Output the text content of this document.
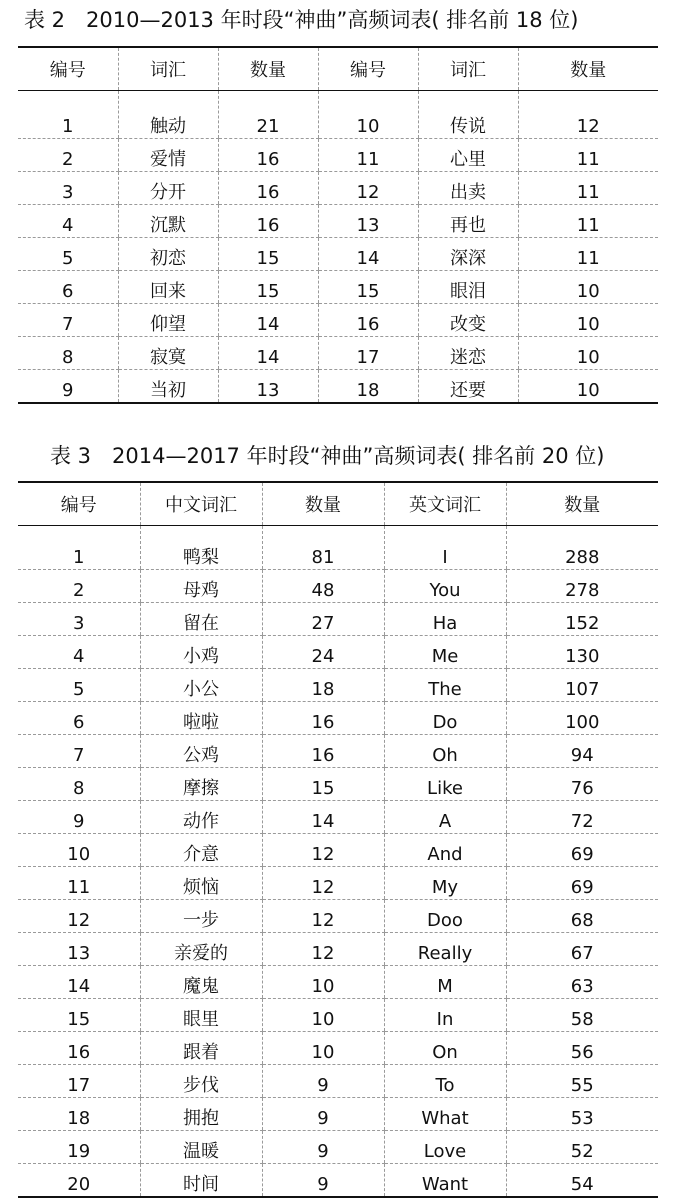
表 2　2010—2013 年时段“神曲”高频词表( 排名前 18 位)
编号	词汇	数量	编号	词汇	数量
1	触动	21	10	传说	12
2	爱情	16	11	心里	11
3	分开	16	12	出卖	11
4	沉默	16	13	再也	11
5	初恋	15	14	深深	11
6	回来	15	15	眼泪	10
7	仰望	14	16	改变	10
8	寂寞	14	17	迷恋	10
9	当初	13	18	还要	10
表 3　2014—2017 年时段“神曲”高频词表( 排名前 20 位)
编号	中文词汇	数量	英文词汇	数量
1	鸭梨	81	I	288
2	母鸡	48	You	278
3	留在	27	Ha	152
4	小鸡	24	Me	130
5	小公	18	The	107
6	啦啦	16	Do	100
7	公鸡	16	Oh	94
8	摩擦	15	Like	76
9	动作	14	A	72
10	介意	12	And	69
11	烦恼	12	My	69
12	一步	12	Doo	68
13	亲爱的	12	Really	67
14	魔鬼	10	M	63
15	眼里	10	In	58
16	跟着	10	On	56
17	步伐	9	To	55
18	拥抱	9	What	53
19	温暖	9	Love	52
20	时间	9	Want	54
